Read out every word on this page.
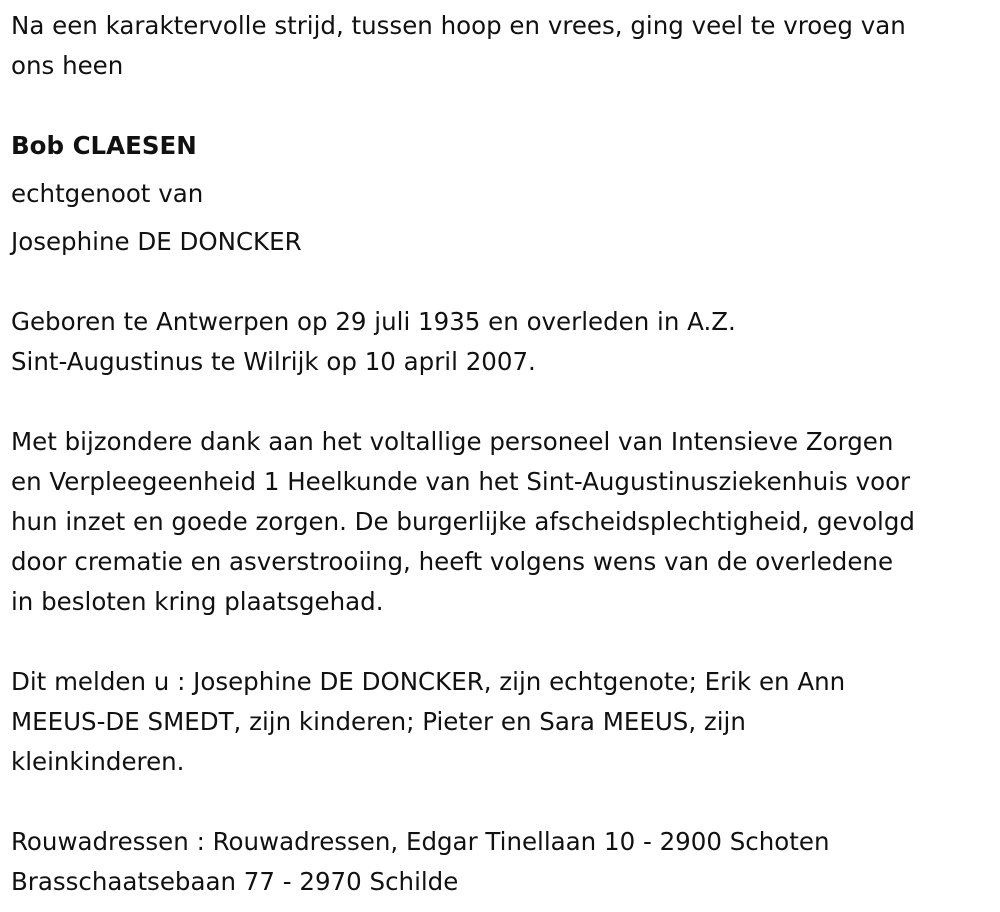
Na een karaktervolle strijd, tussen hoop en vrees, ging veel te vroeg van

ons heen

Bob CLAESEN

echtgenoot van

Josephine DE DONCKER

Geboren te Antwerpen op 29 juli 1935 en overleden in A.Z.

Sint-Augustinus te Wilrijk op 10 april 2007.

Met bijzondere dank aan het voltallige personeel van Intensieve Zorgen

en Verpleegeenheid 1 Heelkunde van het Sint-Augustinusziekenhuis voor

hun inzet en goede zorgen. De burgerlijke afscheidsplechtigheid, gevolgd

door crematie en asverstrooiing, heeft volgens wens van de overledene

in besloten kring plaatsgehad.

Dit melden u : Josephine DE DONCKER, zijn echtgenote; Erik en Ann

MEEUS-DE SMEDT, zijn kinderen; Pieter en Sara MEEUS, zijn

kleinkinderen.

Rouwadressen : Rouwadressen, Edgar Tinellaan 10 - 2900 Schoten

Brasschaatsebaan 77 - 2970 Schilde
